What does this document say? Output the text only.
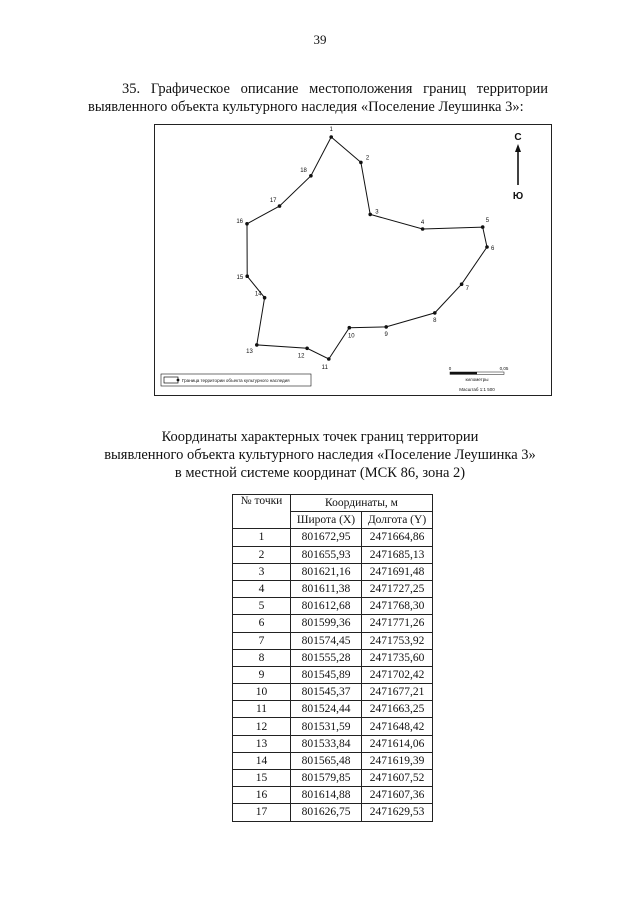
39
35. Графическое описание местоположения границ территории
выявленного объекта культурного наследия «Поселение Леушинка 3»:
1
2
3
4	5
6
7
8
9
10
11
12
13
14
15
16
17
18
С
Ю
Граница территории объекта культурного наследия
0	0,05
километры
Масштаб 1:1 500
Координаты характерных точек границ территории
выявленного объекта культурного наследия «Поселение Леушинка 3»
в местной системе координат (МСК 86, зона 2)
№ точки	Координаты, м	
	Широта (X)	Долгота (Y)
1	801672,95	2471664,86
2	801655,93	2471685,13
3	801621,16	2471691,48
4	801611,38	2471727,25
5	801612,68	2471768,30
6	801599,36	2471771,26
7	801574,45	2471753,92
8	801555,28	2471735,60
9	801545,89	2471702,42
10	801545,37	2471677,21
11	801524,44	2471663,25
12	801531,59	2471648,42
13	801533,84	2471614,06
14	801565,48	2471619,39
15	801579,85	2471607,52
16	801614,88	2471607,36
17	801626,75	2471629,53
